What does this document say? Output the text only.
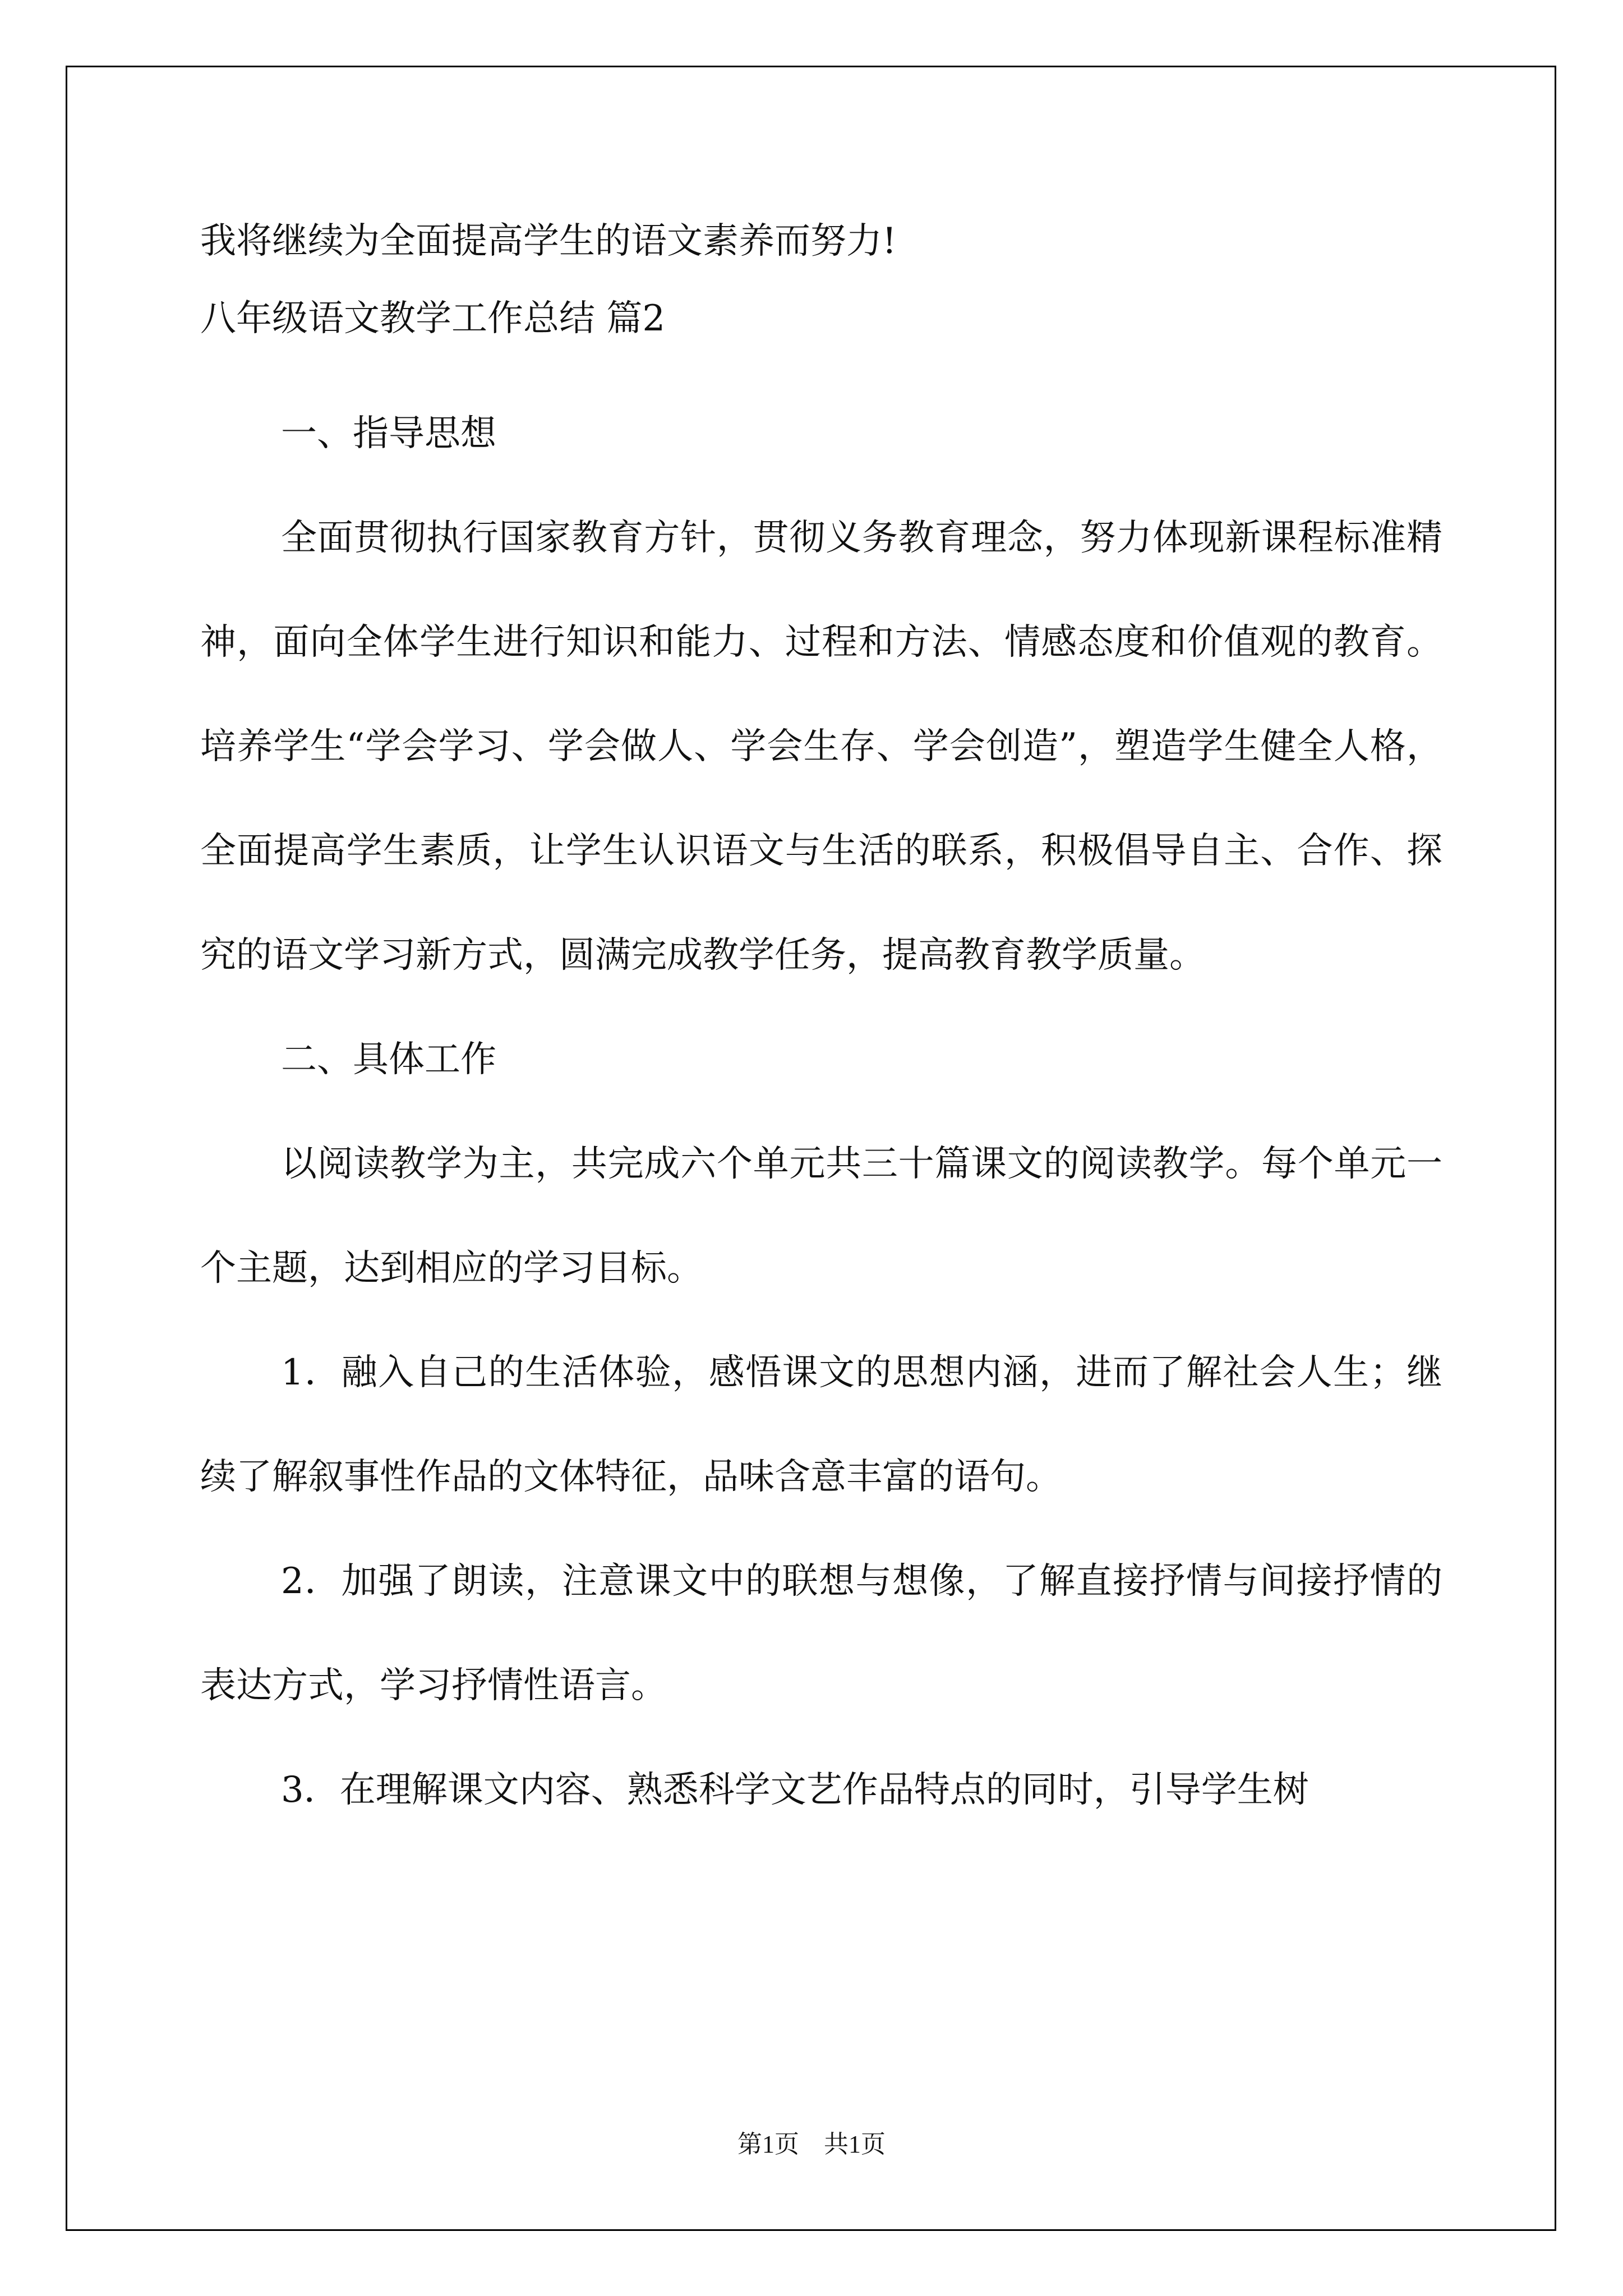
我将继续为全面提高学生的语文素养而努力!

八年级语文教学工作总结 篇2

一、指导思想

全面贯彻执行国家教育方针，贯彻义务教育理念，努力体现新课程标准精神，面向全体学生进行知识和能力、过程和方法、情感态度和价值观的教育。培养学生“学会学习、学会做人、学会生存、学会创造”，塑造学生健全人格，全面提高学生素质，让学生认识语文与生活的联系，积极倡导自主、合作、探究的语文学习新方式，圆满完成教学任务，提高教育教学质量。

二、具体工作

以阅读教学为主，共完成六个单元共三十篇课文的阅读教学。每个单元一个主题，达到相应的学习目标。

1．融入自己的生活体验，感悟课文的思想内涵，进而了解社会人生；继续了解叙事性作品的文体特征，品味含意丰富的语句。

2．加强了朗读，注意课文中的联想与想像，了解直接抒情与间接抒情的表达方式，学习抒情性语言。

3．在理解课文内容、熟悉科学文艺作品特点的同时，引导学生树

第1页　共1页
